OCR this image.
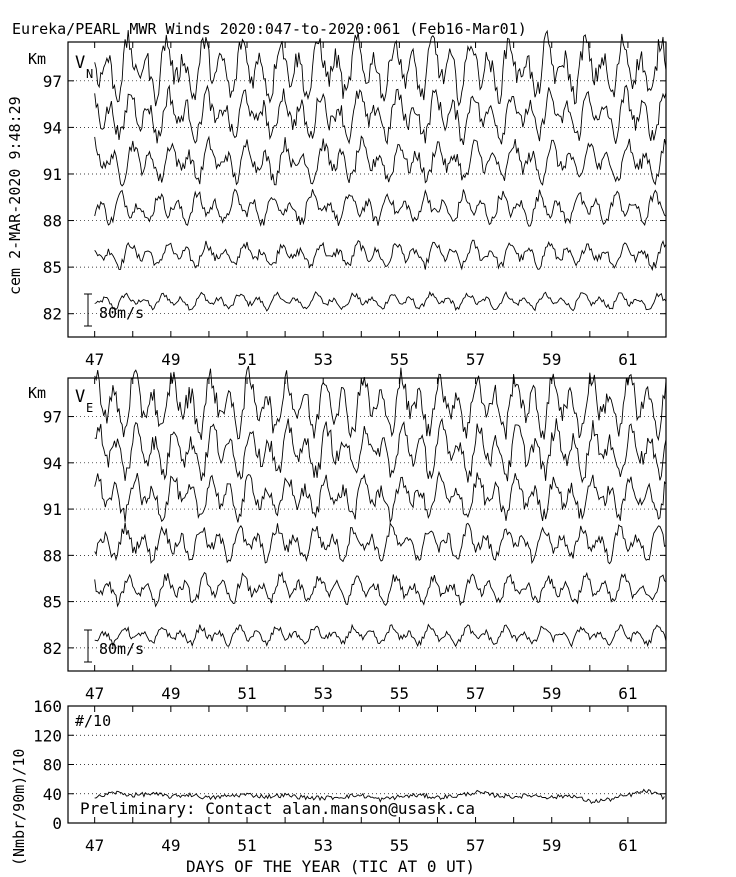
Eureka/PEARL MWR Winds 2020:047-to-2020:061 (Feb16-Mar01)
cem 2-MAR-2020 9:48:29
82
85
88
91
94
97
47	49	51	53	55	57	59	61
Km V
N
80m/s
82
85
88
91
94
97
47	49	51	53	55	57	59	61
Km V
E
80m/s
0
40
80
120
160
47	49	51	53	55	57	59	61
#/10
Preliminary: Contact alan.manson@usask.ca
(Nmbr/90m)/10
DAYS OF THE YEAR (TIC AT 0 UT)
